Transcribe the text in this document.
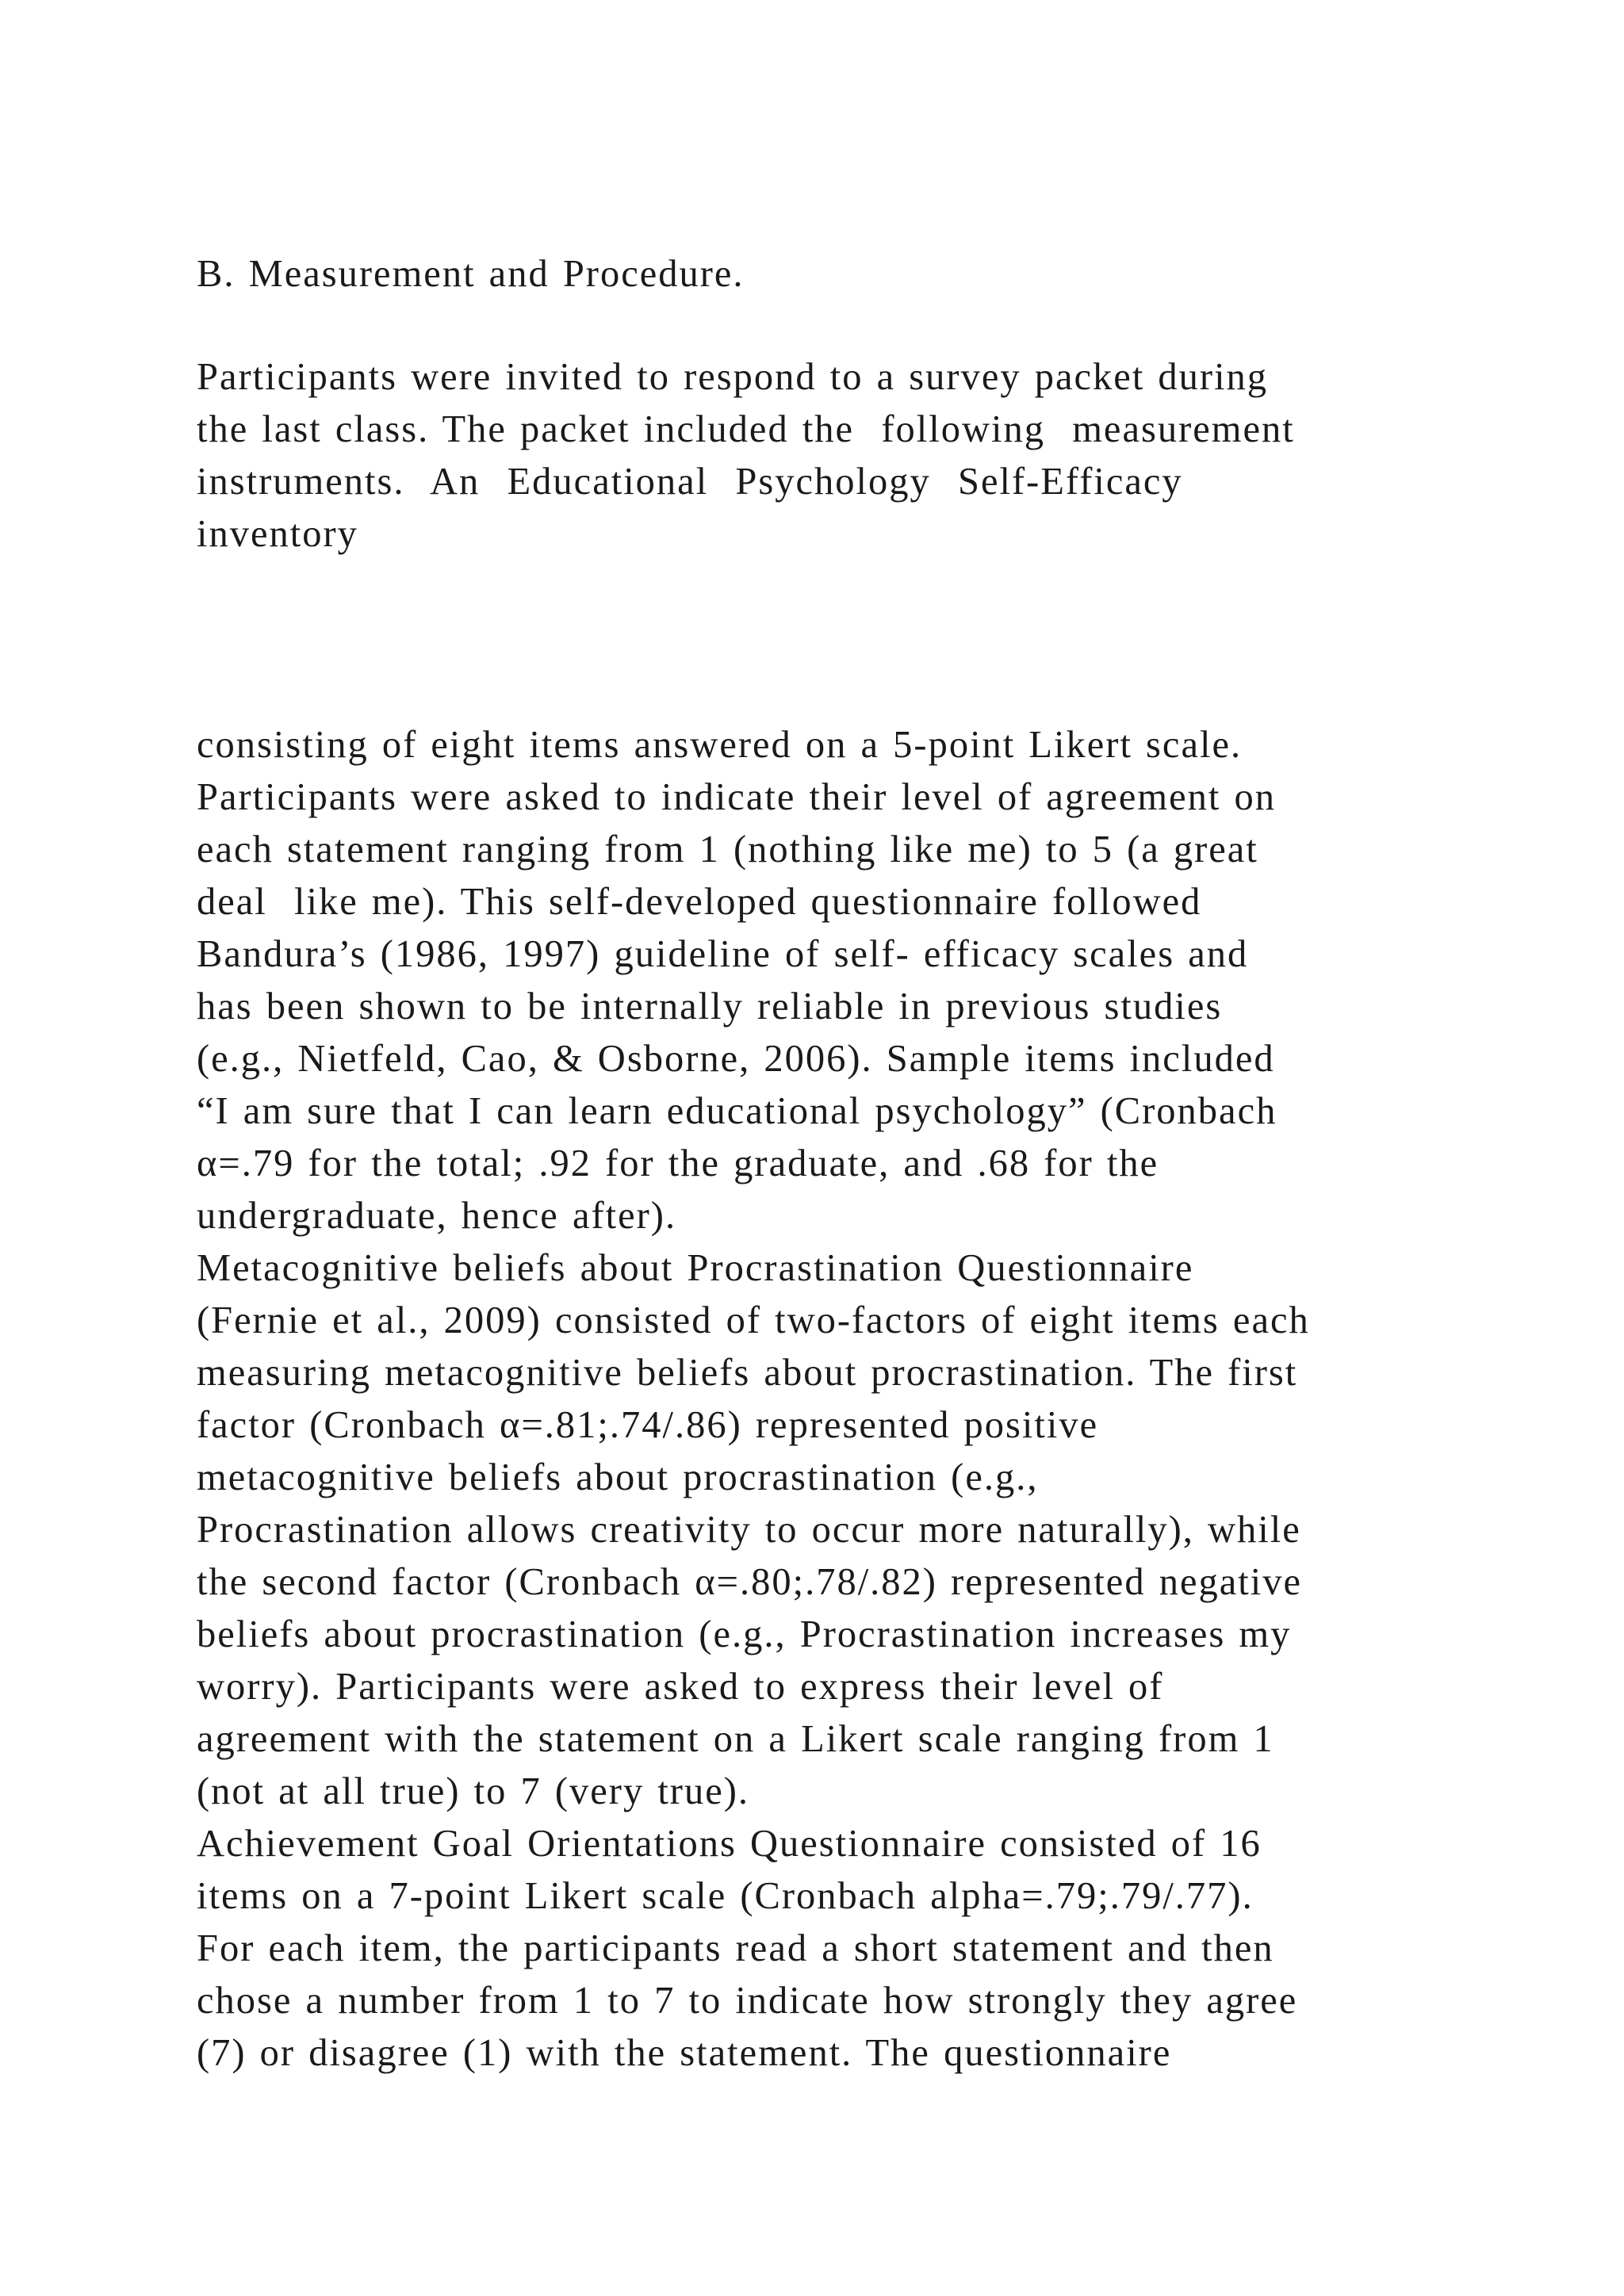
B. Measurement and Procedure.

Participants were invited to respond to a survey packet during

the last class. The packet included the  following  measurement

instruments.  An  Educational  Psychology  Self-Efficacy

inventory

consisting of eight items answered on a 5-point Likert scale.

Participants were asked to indicate their level of agreement on

each statement ranging from 1 (nothing like me) to 5 (a great

deal  like me). This self-developed questionnaire followed

Bandura’s (1986, 1997) guideline of self- efficacy scales and

has been shown to be internally reliable in previous studies

(e.g., Nietfeld, Cao, & Osborne, 2006). Sample items included

“I am sure that I can learn educational psychology” (Cronbach

α=.79 for the total; .92 for the graduate, and .68 for the

undergraduate, hence after).

Metacognitive beliefs about Procrastination Questionnaire

(Fernie et al., 2009) consisted of two-factors of eight items each

measuring metacognitive beliefs about procrastination. The first

factor (Cronbach α=.81;.74/.86) represented positive

metacognitive beliefs about procrastination (e.g.,

Procrastination allows creativity to occur more naturally), while

the second factor (Cronbach α=.80;.78/.82) represented negative

beliefs about procrastination (e.g., Procrastination increases my

worry). Participants were asked to express their level of

agreement with the statement on a Likert scale ranging from 1

(not at all true) to 7 (very true).

Achievement Goal Orientations Questionnaire consisted of 16

items on a 7-point Likert scale (Cronbach alpha=.79;.79/.77).

For each item, the participants read a short statement and then

chose a number from 1 to 7 to indicate how strongly they agree

(7) or disagree (1) with the statement. The questionnaire
